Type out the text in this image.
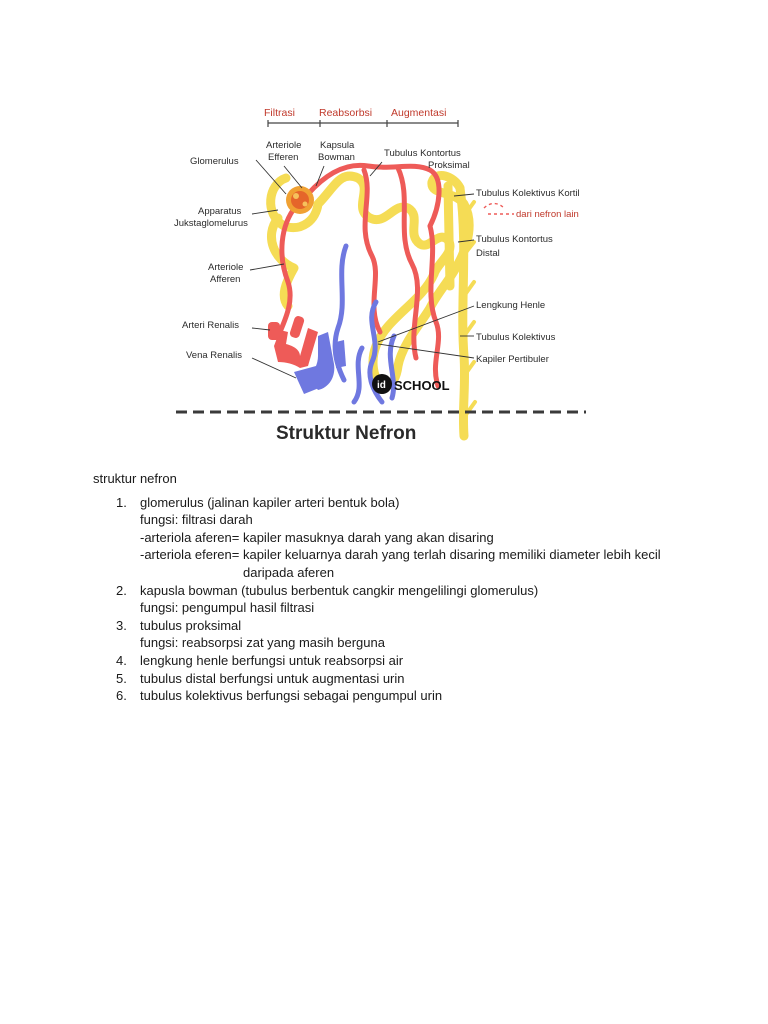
Filtrasi Reabsorbsi Augmentasi
Glomerulus
Arteriole
Efferen
Kapsula
Bowman
Apparatus
Jukstaglomelurus
Arteriole
Afferen
Arteri Renalis
Vena Renalis
Tubulus Kontortus
Proksimal
Tubulus Kolektivus Kortil
dari nefron lain
Tubulus Kontortus
Distal
Lengkung Henle
Tubulus Kolektivus
Kapiler Pertibuler
id SCHOOL
Struktur Nefron
struktur nefron
1. glomerulus (jalinan kapiler arteri bentuk bola)
fungsi: filtrasi darah
-arteriola aferen= kapiler masuknya darah yang akan disaring
-arteriola eferen= kapiler keluarnya darah yang terlah disaring memiliki diameter lebih kecil
daripada aferen
2. kapusla bowman (tubulus berbentuk cangkir mengelilingi glomerulus)
fungsi: pengumpul hasil filtrasi
3. tubulus proksimal
fungsi: reabsorpsi zat yang masih berguna
4. lengkung henle berfungsi untuk reabsorpsi air
5. tubulus distal berfungsi untuk augmentasi urin
6. tubulus kolektivus berfungsi sebagai pengumpul urin
